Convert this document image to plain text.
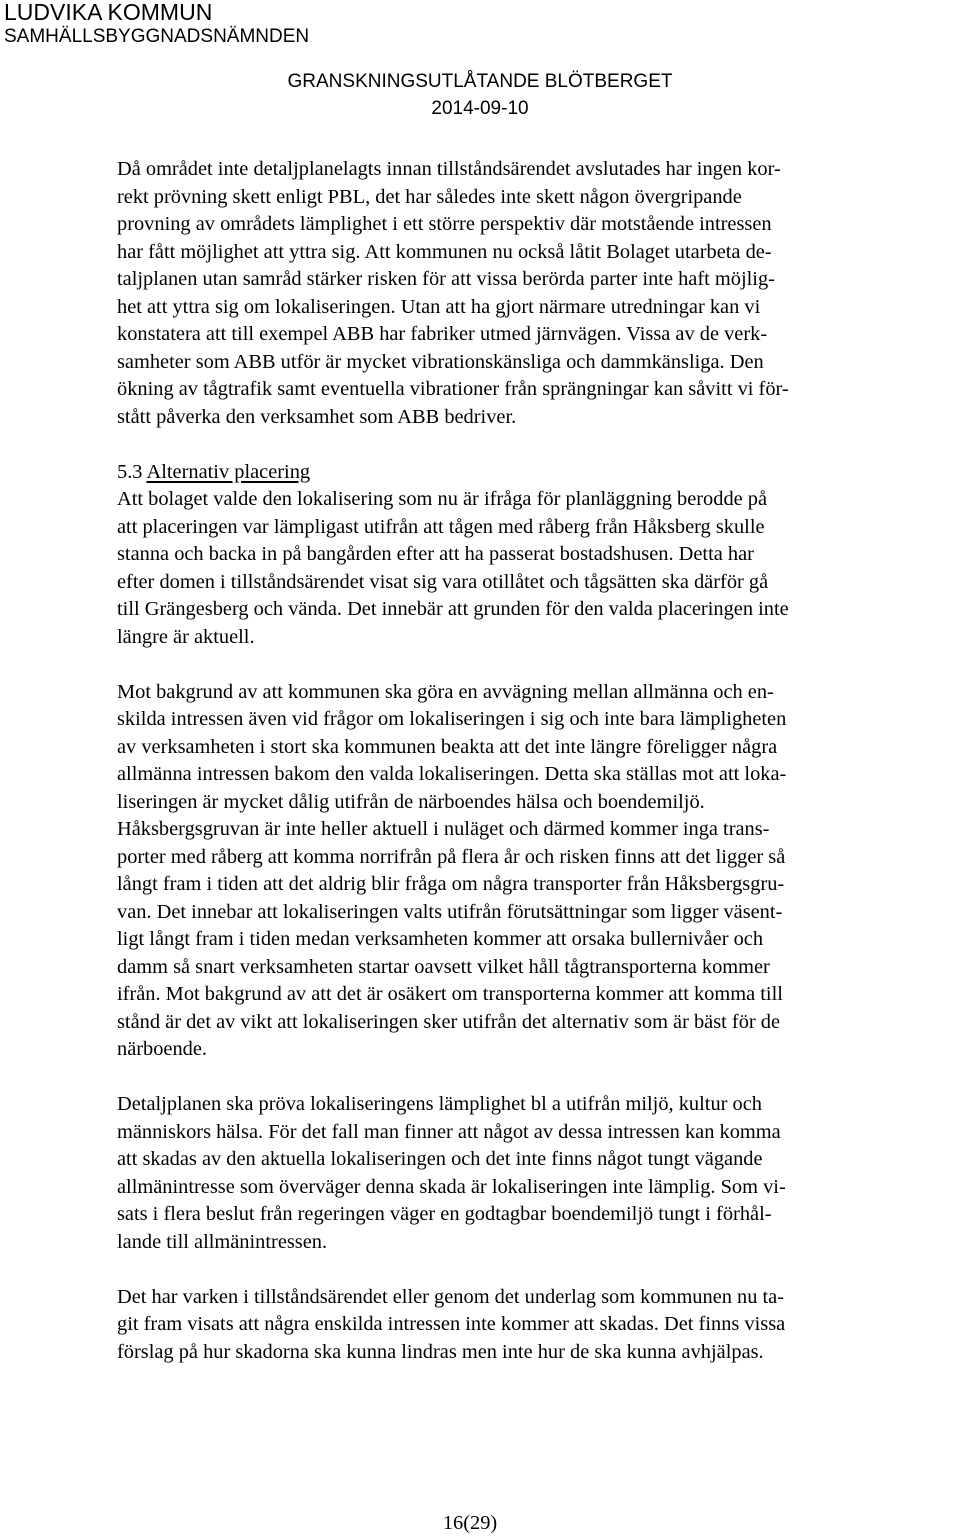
LUDVIKA KOMMUN

SAMHÄLLSBYGGNADSNÄMNDEN

GRANSKNINGSUTLÅTANDE BLÖTBERGET

2014-09-10

Då området inte detaljplanelagts innan tillståndsärendet avslutades har ingen kor-

rekt prövning skett enligt PBL, det har således inte skett någon övergripande

provning av områdets lämplighet i ett större perspektiv där motstående intressen

har fått möjlighet att yttra sig. Att kommunen nu också låtit Bolaget utarbeta de-

taljplanen utan samråd stärker risken för att vissa berörda parter inte haft möjlig-

het att yttra sig om lokaliseringen. Utan att ha gjort närmare utredningar kan vi

konstatera att till exempel ABB har fabriker utmed järnvägen. Vissa av de verk-

samheter som ABB utför är mycket vibrationskänsliga och dammkänsliga. Den

ökning av tågtrafik samt eventuella vibrationer från sprängningar kan såvitt vi för-

stått påverka den verksamhet som ABB bedriver.

5.3 Alternativ placering

Att bolaget valde den lokalisering som nu är ifråga för planläggning berodde på

att placeringen var lämpligast utifrån att tågen med råberg från Håksberg skulle

stanna och backa in på bangården efter att ha passerat bostadshusen. Detta har

efter domen i tillståndsärendet visat sig vara otillåtet och tågsätten ska därför gå

till Grängesberg och vända. Det innebär att grunden för den valda placeringen inte

längre är aktuell.

Mot bakgrund av att kommunen ska göra en avvägning mellan allmänna och en-

skilda intressen även vid frågor om lokaliseringen i sig och inte bara lämpligheten

av verksamheten i stort ska kommunen beakta att det inte längre föreligger några

allmänna intressen bakom den valda lokaliseringen. Detta ska ställas mot att loka-

liseringen är mycket dålig utifrån de närboendes hälsa och boendemiljö.

Håksbergsgruvan är inte heller aktuell i nuläget och därmed kommer inga trans-

porter med råberg att komma norrifrån på flera år och risken finns att det ligger så

långt fram i tiden att det aldrig blir fråga om några transporter från Håksbergsgru-

van. Det innebar att lokaliseringen valts utifrån förutsättningar som ligger väsent-

ligt långt fram i tiden medan verksamheten kommer att orsaka bullernivåer och

damm så snart verksamheten startar oavsett vilket håll tågtransporterna kommer

ifrån. Mot bakgrund av att det är osäkert om transporterna kommer att komma till

stånd är det av vikt att lokaliseringen sker utifrån det alternativ som är bäst för de

närboende.

Detaljplanen ska pröva lokaliseringens lämplighet bl a utifrån miljö, kultur och

människors hälsa. För det fall man finner att något av dessa intressen kan komma

att skadas av den aktuella lokaliseringen och det inte finns något tungt vägande

allmänintresse som överväger denna skada är lokaliseringen inte lämplig. Som vi-

sats i flera beslut från regeringen väger en godtagbar boendemiljö tungt i förhål-

lande till allmänintressen.

Det har varken i tillståndsärendet eller genom det underlag som kommunen nu ta-

git fram visats att några enskilda intressen inte kommer att skadas. Det finns vissa

förslag på hur skadorna ska kunna lindras men inte hur de ska kunna avhjälpas.

16(29)
